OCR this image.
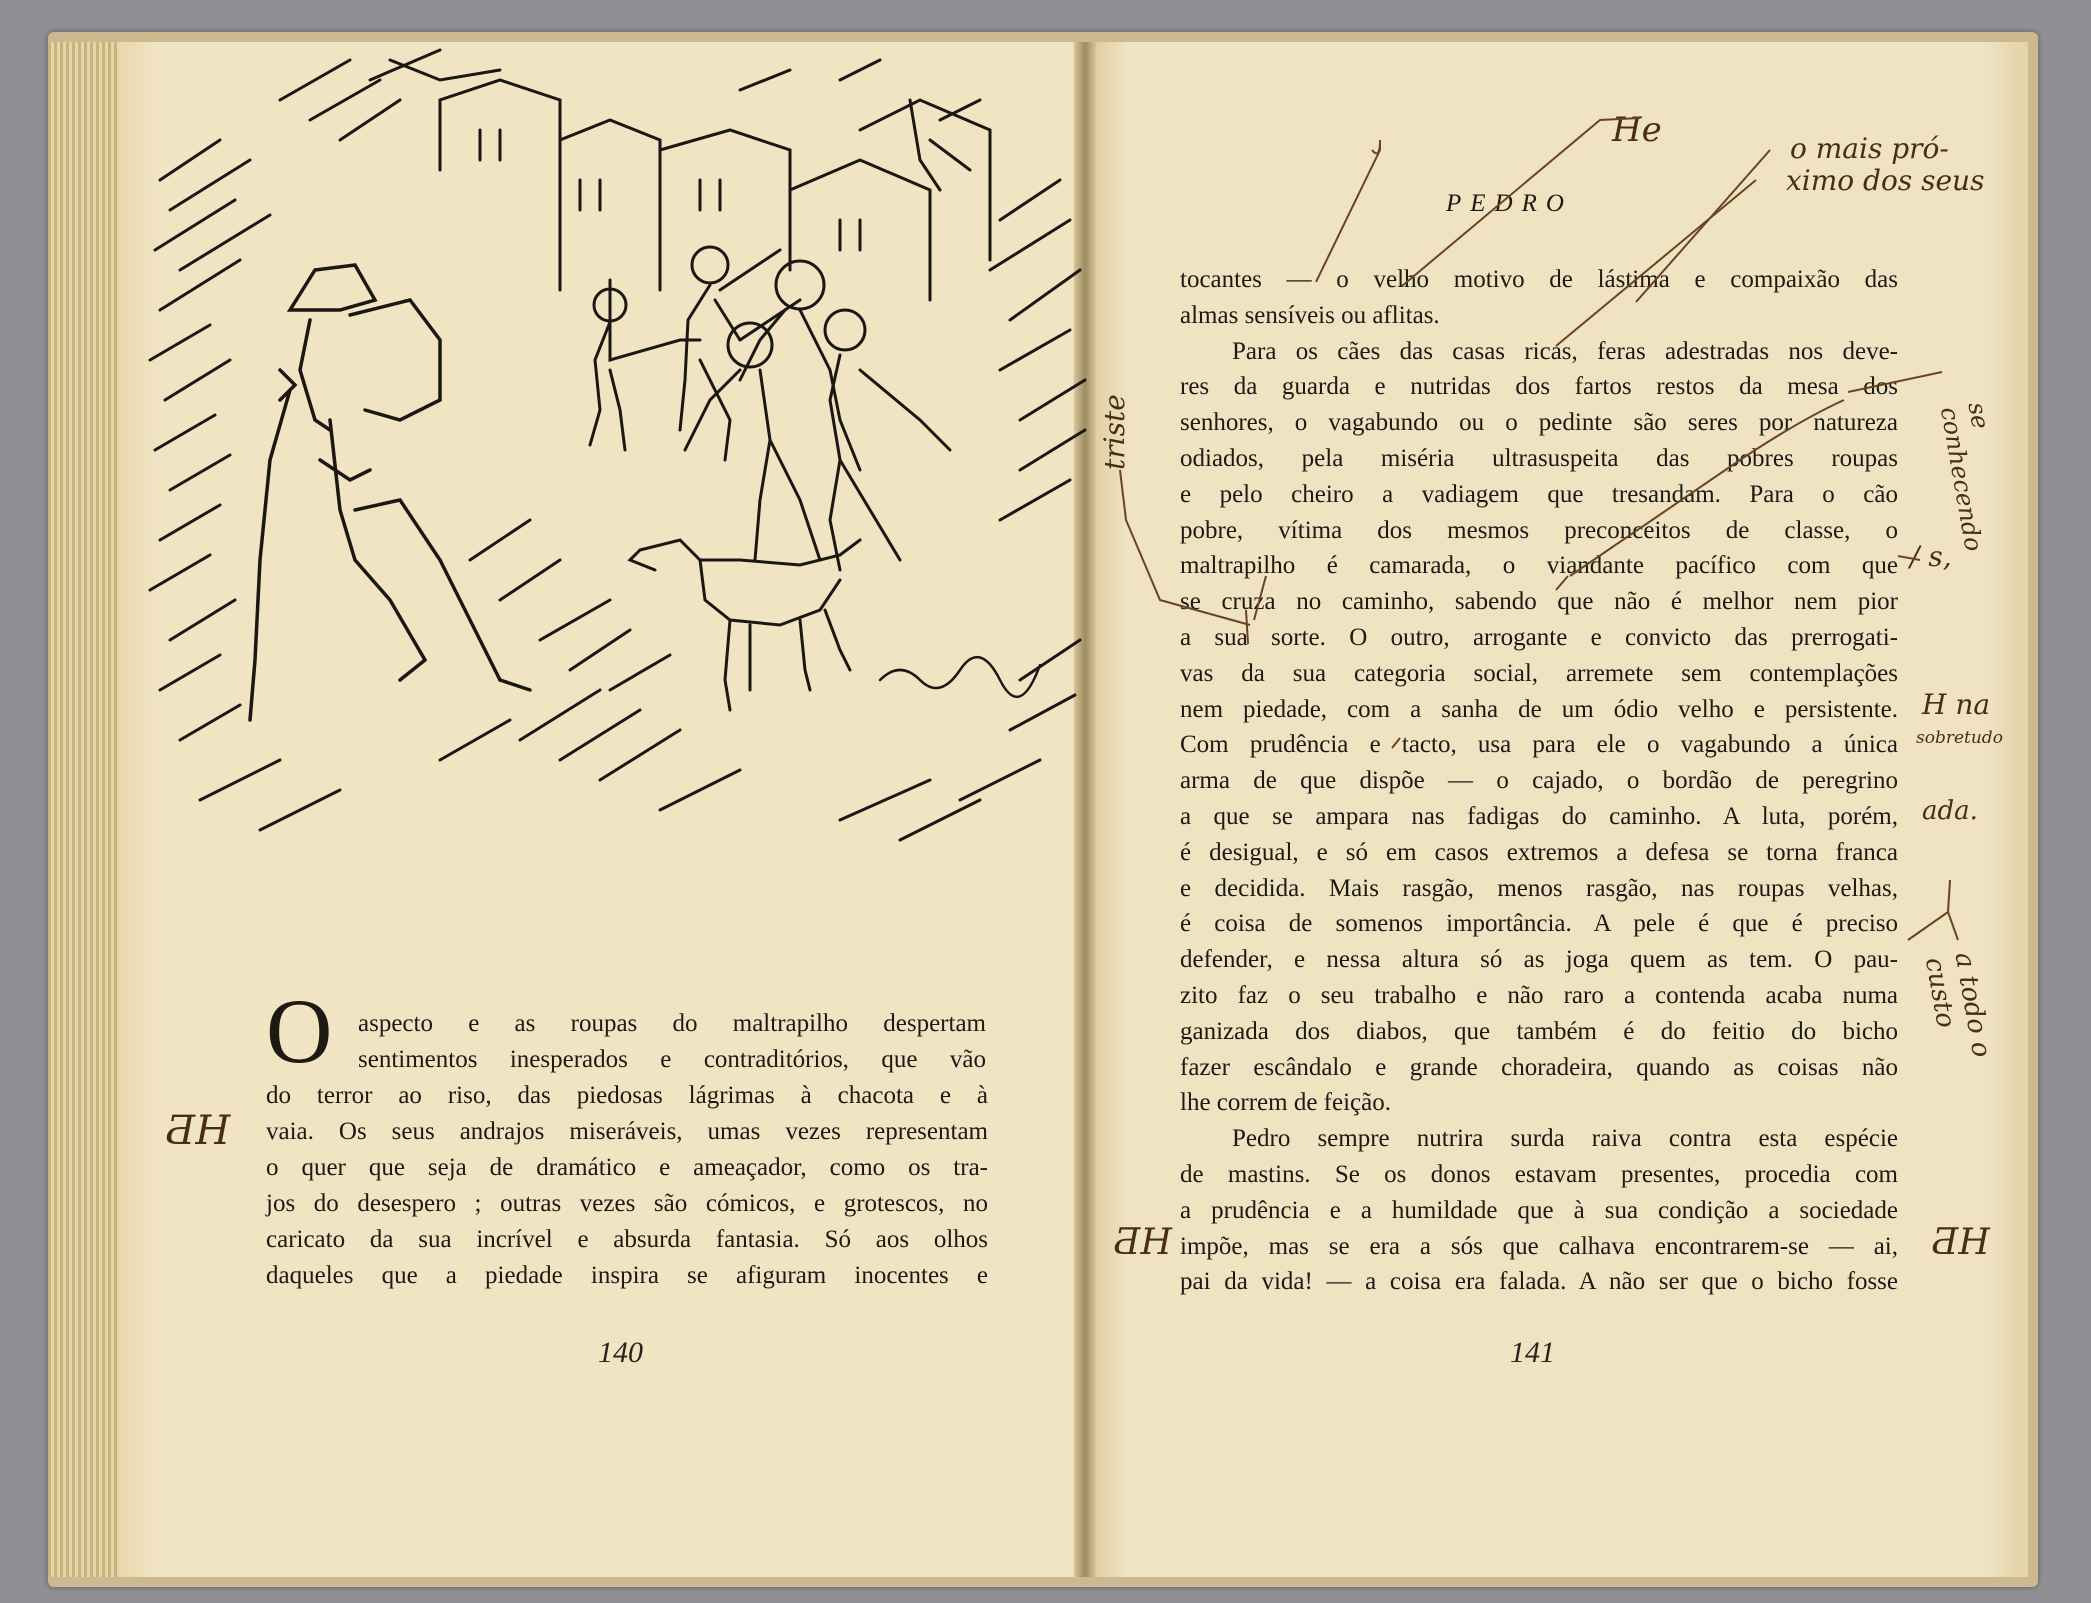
O aspecto e as roupas do maltrapilho despertam
sentimentos inesperados e contraditórios, que vão
do terror ao riso, das piedosas lágrimas à chacota e à
vaia. Os seus andrajos miseráveis, umas vezes representam
o quer que seja de dramático e ameaçador, como os tra-
jos do desespero ; outras vezes são cómicos, e grotescos, no
caricato da sua incrível e absurda fantasia. Só aos olhos
daqueles que a piedade inspira se afiguram inocentes e
140
ƋH
PEDRO
tocantes — o velho motivo de lástima e compaixão das
almas sensíveis ou aflitas.
Para os cães das casas ricas, feras adestradas nos deve-
res da guarda e nutridas dos fartos restos da mesa dos
senhores, o vagabundo ou o pedinte são seres por natureza
odiados, pela miséria ultrasuspeita das pobres roupas
e pelo cheiro a vadiagem que tresandam. Para o cão
pobre, vítima dos mesmos preconceitos de classe, o
maltrapilho é camarada, o viandante pacífico com que
se cruza no caminho, sabendo que não é melhor nem pior
a sua sorte. O outro, arrogante e convicto das prerrogati-
vas da sua categoria social, arremete sem contemplações
nem piedade, com a sanha de um ódio velho e persistente.
Com prudência e tacto, usa para ele o vagabundo a única
arma de que dispõe — o cajado, o bordão de peregrino
a que se ampara nas fadigas do caminho. A luta, porém,
é desigual, e só em casos extremos a defesa se torna franca
e decidida. Mais rasgão, menos rasgão, nas roupas velhas,
é coisa de somenos importância. A pele é que é preciso
defender, e nessa altura só as joga quem as tem. O pau-
zito faz o seu trabalho e não raro a contenda acaba numa
ganizada dos diabos, que também é do feitio do bicho
fazer escândalo e grande choradeira, quando as coisas não
lhe correm de feição.
Pedro sempre nutrira surda raiva contra esta espécie
de mastins. Se os donos estavam presentes, procedia com
a prudência e a humildade que à sua condição a sociedade
impõe, mas se era a sós que calhava encontrarem-se — ai,
pai da vida! — a coisa era falada. A não ser que o bicho fosse
141
He	o mais pró-
ximo dos seus
triste	se conhecendo
/ s,
H na
sobretudo
ada.
a todo o custo
ƋH	ƋH
